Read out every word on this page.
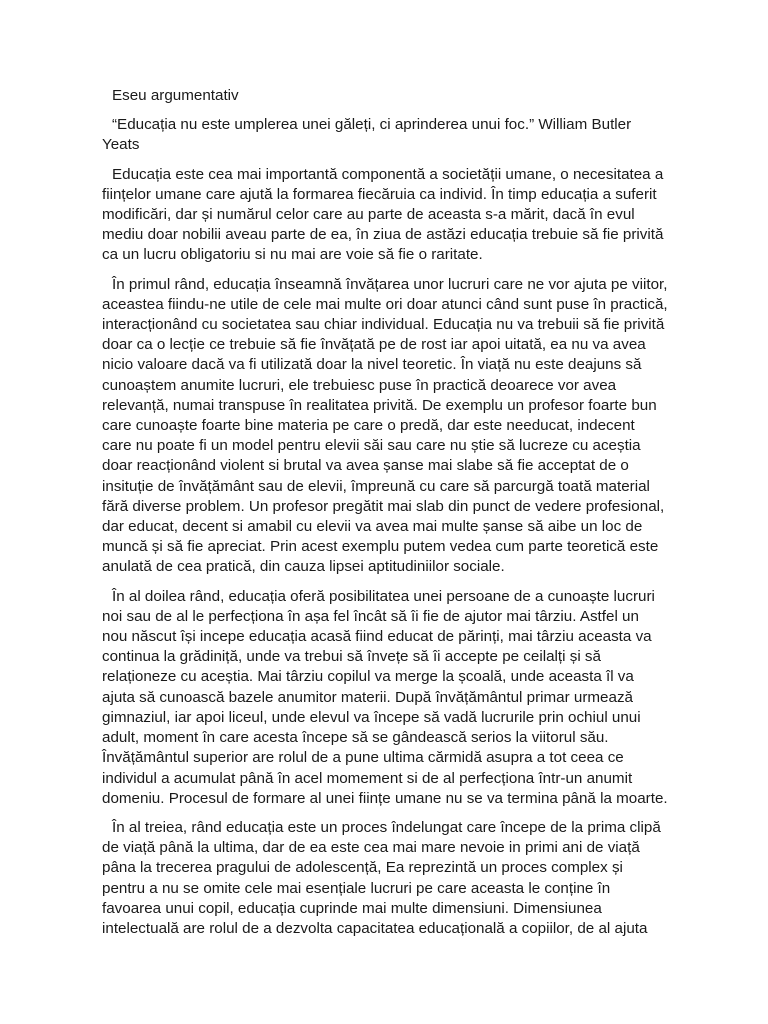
Eseu argumentativ

“Educația nu este umplerea unei găleți, ci aprinderea unui foc.” William Butler Yeats

Educația este cea mai importantă componentă a societății umane, o necesitatea a ființelor umane care ajută la formarea fiecăruia ca individ. În timp educația a suferit modificări, dar și numărul celor care au parte de aceasta s-a mărit, dacă în evul mediu doar nobilii aveau parte de ea, în ziua de astăzi educația trebuie să fie privită ca un lucru obligatoriu si nu mai are voie să fie o raritate.

În primul rând, educația înseamnă învățarea unor lucruri care ne vor ajuta pe viitor, aceastea fiindu-ne utile de cele mai multe ori doar atunci când sunt puse în practică, interacționând cu societatea sau chiar individual. Educația nu va trebuii să fie privită doar ca o lecție ce trebuie să fie învățată pe de rost iar apoi uitată, ea nu va avea nicio valoare dacă va fi utilizată doar la nivel teoretic. În viață nu este deajuns să cunoaștem anumite lucruri, ele trebuiesc puse în practică deoarece vor avea relevanță, numai transpuse în realitatea privită. De exemplu un profesor foarte bun care cunoaște foarte bine materia pe care o predă, dar este needucat, indecent care nu poate fi un model pentru elevii săi sau care nu știe să lucreze cu aceștia doar reacționând violent si brutal va avea șanse mai slabe să fie acceptat de o insituție de învățământ sau de elevii, împreună cu care să parcurgă toată material fără diverse problem. Un profesor pregătit mai slab din punct de vedere profesional, dar educat, decent si amabil cu elevii va avea mai multe șanse să aibe un loc de muncă și să fie apreciat. Prin acest exemplu putem vedea cum parte teoretică este anulată de cea pratică, din cauza lipsei aptitudiniilor sociale.

În al doilea rând, educația oferă posibilitatea unei persoane de a cunoaște lucruri noi sau de al le perfecționa în așa fel încât să îi fie de ajutor mai târziu. Astfel un nou născut își incepe educația acasă fiind educat de părinți, mai târziu aceasta va continua la grădiniță, unde va trebui să învețe să îi accepte pe ceilalți și să relaționeze cu aceștia. Mai târziu copilul va merge la școală, unde aceasta îl va ajuta să cunoască bazele anumitor materii. După învățământul primar urmează gimnaziul, iar apoi liceul, unde elevul va începe să vadă lucrurile prin ochiul unui adult, moment în care acesta începe să se gândească serios la viitorul său. Învățământul superior are rolul de a pune ultima cărmidă asupra a tot ceea ce individul a acumulat până în acel momement si de al perfecționa într-un anumit domeniu. Procesul de formare al unei ființe umane nu se va termina până la moarte.

În al treiea, rând educația este un proces îndelungat care începe de la prima clipă de viață până la ultima, dar de ea este cea mai mare nevoie in primi ani de viață pâna la trecerea pragului de adolescență, Ea reprezintă un proces complex și pentru a nu se omite cele mai esențiale lucruri pe care aceasta le conține în favoarea unui copil, educația cuprinde mai multe dimensiuni. Dimensiunea intelectuală are rolul de a dezvolta capacitatea educațională a copiilor, de al ajuta
